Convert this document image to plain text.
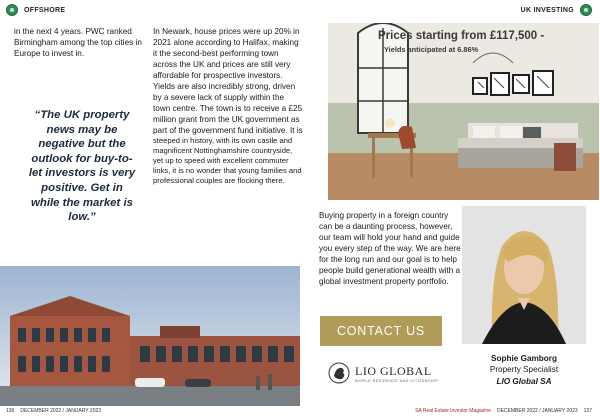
OFFSHORE	UK INVESTING

in the next 4 years. PWC ranked Birmingham among the top cities in Europe to invest in.

“The UK property news may be negative but the outlook for buy-to-let investors is very positive. Get in while the market is low.”

In Newark, house prices were up 20% in 2021 alone according to Halifax, making it the second-best performing town across the UK and prices are still very affordable for prospective investors. Yields are also incredibly strong, driven by a severe lack of supply within the town centre. The town is to receive a £25 million grant from the UK government as part of the government fund initiative. It is
steeped in history, with its own castle and magnificent Nottinghamshire countryside, yet up to speed with excellent commuter links, it is no wonder that young families and professional couples are flocking there.
Prices starting from £117,500 -
Yields anticipated at 6.86%

Buying property in a foreign country can be a daunting process, however, our team will hold your hand and guide you every step of the way. We are here for the long run and our goal is to help people build generational wealth with a global investment property portfolio.

Sophie Gamborg
Property Specialist
LIO Global SA
CONTACT US
LIO GLOBAL
WORLD RESIDENCE AND CITIZENSHIP
136 DECEMBER 2022 / JANUARY 2023	SA Real Estate Investor Magazine DECEMBER 2022 / JANUARY 2023 137
